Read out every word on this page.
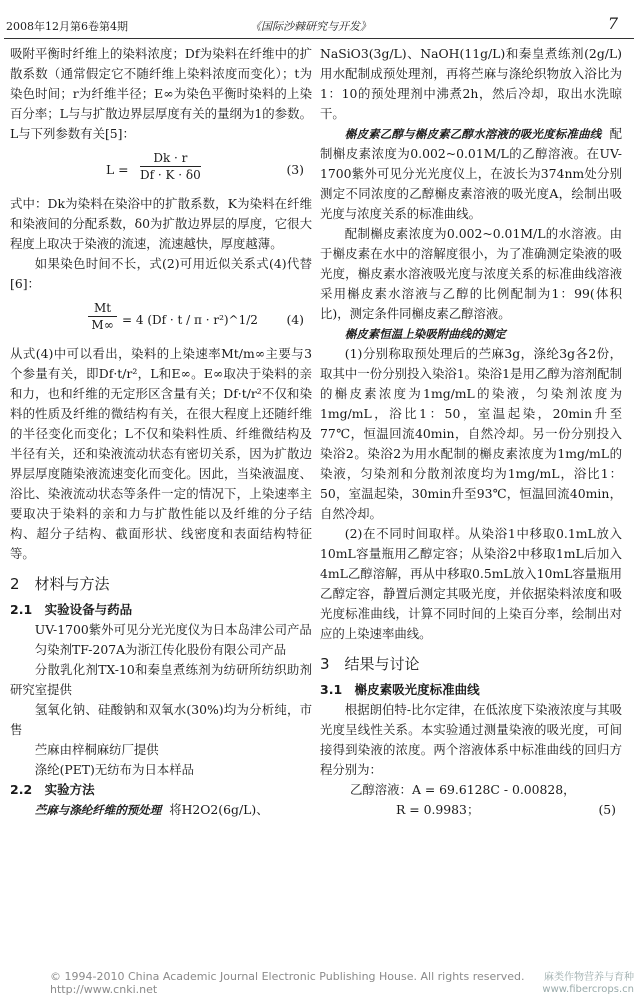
2008年12月第6卷第4期	《国际沙棘研究与开发》	7

吸附平衡时纤维上的染料浓度；Df为染料在纤维中的扩散系数（通常假定它不随纤维上染料浓度而变化）；t为染色时间；r为纤维半径；E∞为染色平衡时染料的上染百分率；L与与扩散边界层厚度有关的量纲为1的参数。L与下列参数有关[5]：

$L = \frac{Dk \cdot r}{Df \cdot K \cdot \delta 0}$	(3)

式中：Dk为染料在染浴中的扩散系数，K为染料在纤维和染液间的分配系数，δ0为扩散边界层的厚度，它很大程度上取决于染液的流速，流速越快，厚度越薄。

如果染色时间不长，式(2)可用近似关系式(4)代替[6]：

$\frac{Mt}{M\infty} = 4$ (Df · t / π · r²)^1/2 (4)

从式(4)中可以看出，染料的上染速率Mt/m∞主要与3个参量有关，即Df·t/r²，L和E∞。E∞取决于染料的亲和力，也和纤维的无定形区含量有关；Df·t/r²不仅和染料的性质及纤维的微结构有关，在很大程度上还随纤维的半径变化而变化；L不仅和染料性质、纤维微结构及半径有关，还和染液流动状态有密切关系，因为扩散边界层厚度随染液流速变化而变化。因此，当染液温度、浴比、染液流动状态等条件一定的情况下，上染速率主要取决于染料的亲和力与扩散性能以及纤维的分子结构、超分子结构、截面形状、线密度和表面结构特征等。

2　材料与方法
2.1　实验设备与药品

UV-1700紫外可见分光光度仪为日本岛津公司产品

匀染剂TF-207A为浙江传化股份有限公司产品

分散乳化剂TX-10和秦皇煮练剂为纺研所纺织助剂研究室提供

氢氧化钠、硅酸钠和双氧水(30%)均为分析纯，市售

苎麻由梓桐麻纺厂提供

涤纶(PET)无纺布为日本样品

2.2　实验方法

苎麻与涤纶纤维的预处理 将H2O2(6g/L)、

NaSiO3(3g/L)、NaOH(11g/L)和秦皇煮练剂(2g/L)用水配制成预处理剂，再将苎麻与涤纶织物放入浴比为1：10的预处理剂中沸煮2h，然后冷却，取出水洗晾干。

槲皮素乙醇与槲皮素乙醇水溶液的吸光度标准曲线 配制槲皮素浓度为0.002~0.01M/L的乙醇溶液。在UV-1700紫外可见分光光度仪上，在波长为374nm处分别测定不同浓度的乙醇槲皮素溶液的吸光度A，绘制出吸光度与浓度关系的标准曲线。

配制槲皮素浓度为0.002~0.01M/L的水溶液。由于槲皮素在水中的溶解度很小，为了准确测定染液的吸光度，槲皮素水溶液吸光度与浓度关系的标准曲线溶液采用槲皮素水溶液与乙醇的比例配制为1：99(体积比)，测定条件同槲皮素乙醇溶液。

槲皮素恒温上染吸附曲线的测定

(1)分别称取预处理后的苎麻3g，涤纶3g各2份，取其中一份分别投入染浴1。染浴1是用乙醇为溶剂配制的槲皮素浓度为1mg/mL的染液，匀染剂浓度为1mg/mL，浴比1：50，室温起染，20min升至77℃，恒温回流40min，自然冷却。另一份分别投入染浴2。染浴2为用水配制的槲皮素浓度为1mg/mL的染液，匀染剂和分散剂浓度均为1mg/mL，浴比1：50，室温起染，30min升至93℃，恒温回流40min，自然冷却。

(2)在不同时间取样。从染浴1中移取0.1mL放入10mL容量瓶用乙醇定容；从染浴2中移取1mL后加入4mL乙醇溶解，再从中移取0.5mL放入10mL容量瓶用乙醇定容，静置后测定其吸光度，并依据染料浓度和吸光度标准曲线，计算不同时间的上染百分率，绘制出对应的上染速率曲线。

3　结果与讨论
3.1　槲皮素吸光度标准曲线

根据朗伯特-比尔定律，在低浓度下染液浓度与其吸光度呈线性关系。本实验通过测量染液的吸光度，可间接得到染液的浓度。两个溶液体系中标准曲线的回归方程分别为：

乙醇溶液：A = 69.6128C - 0.00828，
R = 0.9983；	(5)
© 1994-2010 China Academic Journal Electronic Publishing House. All rights reserved. http://www.cnki.net
麻类作物营养与育种
www.fibercrops.cn
